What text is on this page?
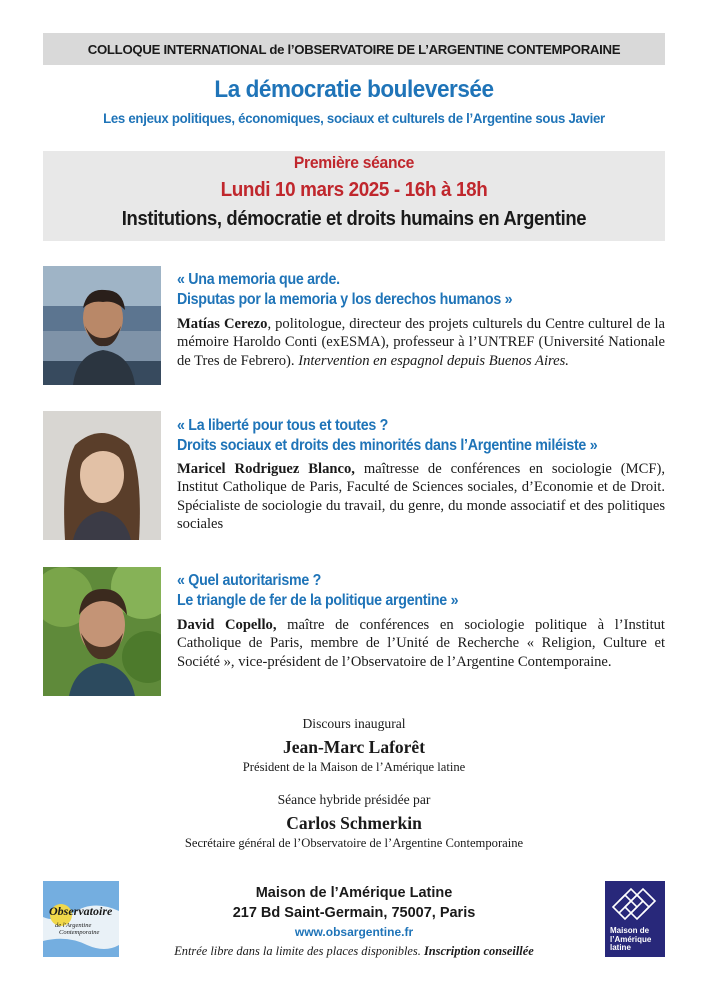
COLLOQUE INTERNATIONAL de l’OBSERVATOIRE DE L’ARGENTINE CONTEMPORAINE
La démocratie bouleversée
Les enjeux politiques, économiques, sociaux et culturels de l’Argentine sous Javier
Première séance
Lundi 10 mars 2025 - 16h à 18h
Institutions, démocratie et droits humains en Argentine
« Una memoria que arde.
Disputas por la memoria y los derechos humanos »
Matías Cerezo, politologue, directeur des projets culturels du Centre culturel de la mémoire Haroldo Conti (exESMA), professeur à l’UNTREF (Université Nationale de Tres de Febrero). Intervention en espagnol depuis Buenos Aires.
« La liberté pour tous et toutes ?
Droits sociaux et droits des minorités dans l’Argentine miléiste »
Maricel Rodriguez Blanco, maîtresse de conférences en sociologie (MCF), Institut Catholique de Paris, Faculté de Sciences sociales, d’Economie et de Droit. Spécialiste de sociologie du travail, du genre, du monde associatif et des politiques sociales
« Quel autoritarisme ?
Le triangle de fer de la politique argentine »
David Copello, maître de conférences en sociologie politique à l’Institut Catholique de Paris, membre de l’Unité de Recherche « Religion, Culture et Société », vice-président de l’Observatoire de l’Argentine Contemporaine.
Discours inaugural
Jean-Marc Laforêt
Président de la Maison de l’Amérique latine
Séance hybride présidée par
Carlos Schmerkin
Secrétaire général de l’Observatoire de l’Argentine Contemporaine
Observatoire
de l'Argentine
Contemporaine	Maison de
l’Amérique
latine
Maison de l’Amérique Latine
217 Bd Saint-Germain, 75007, Paris
www.obsargentine.fr
Entrée libre dans la limite des places disponibles. Inscription conseillée
